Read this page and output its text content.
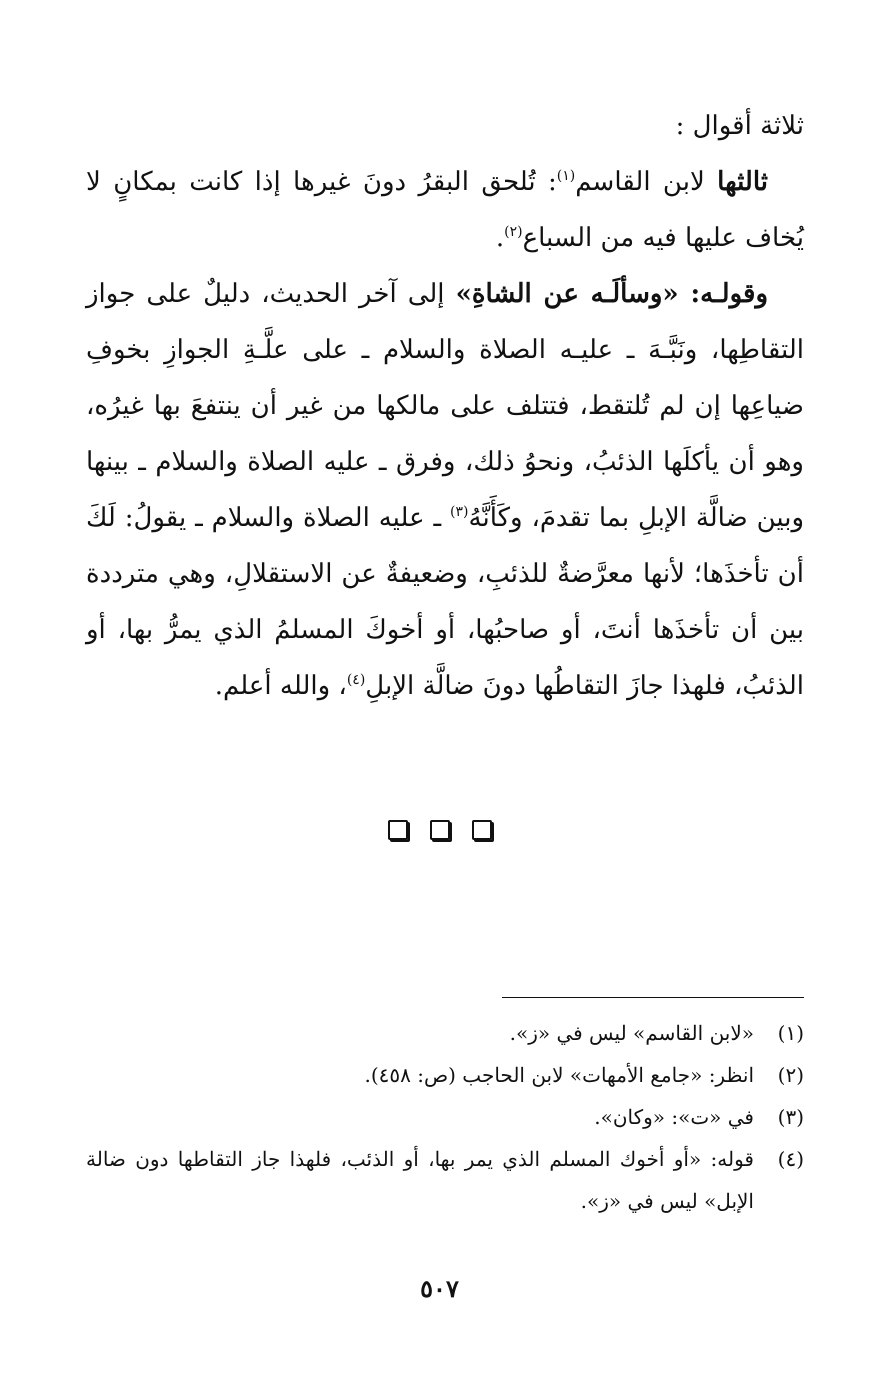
ثلاثة أقوال :
ثالثها لابن القاسم$^{(١)}$: تُلحق البقرُ دونَ غيرها إذا كانت بمكانٍ لا يُخاف عليها فيه من السباع$^{(٢)}$.
وقولـه: «وسألَـه عن الشاةِ» إلى آخر الحديث، دليلٌ على جواز التقاطِها، ونَبَّـهَ ـ عليـه الصلاة والسلام ـ على علَّـةِ الجوازِ بخوفِ ضياعِها إن لم تُلتقط، فتتلف على مالكها من غير أن ينتفعَ بها غيرُه، وهو أن يأكلَها الذئبُ، ونحوُ ذلك، وفرق ـ عليه الصلاة والسلام ـ بينها وبين ضالَّة الإبلِ بما تقدمَ، وكَأَنَّهُ$^{(٣)}$ ـ عليه الصلاة والسلام ـ يقولُ: لَكَ أن تأخذَها؛ لأنها معرَّضةٌ للذئبِ، وضعيفةٌ عن الاستقلالِ، وهي مترددة بين أن تأخذَها أنتَ، أو صاحبُها، أو أخوكَ المسلمُ الذي يمرُّ بها، أو الذئبُ، فلهذا جازَ التقاطُها دونَ ضالَّة الإبلِ$^{(٤)}$، والله أعلم.
(١)
«لابن القاسم» ليس في «ز».
(٢)
انظر: «جامع الأمهات» لابن الحاجب (ص: ٤٥٨).
(٣)
في «ت»: «وكان».
(٤)
قوله: «أو أخوك المسلم الذي يمر بها، أو الذئب، فلهذا جاز التقاطها دون ضالة الإبل» ليس في «ز».
٥٠٧
